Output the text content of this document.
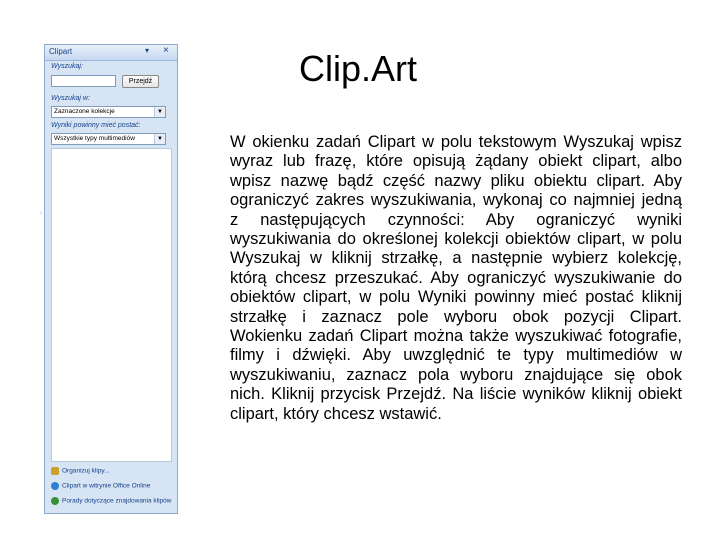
Clipart	▾ ×
Wyszukaj:
Przejdź
Wyszukaj w:
Zaznaczone kolekcje	▼
Wyniki powinny mieć postać:
Wszystkie typy multimediów	▼
Organizuj klipy...
Clipart w witrynie Office Online
Porady dotyczące znajdowania klipów
›
Clip.Art

W okienku zadań Clipart w polu tekstowym Wyszukaj wpisz wyraz lub frazę, które opisują żądany obiekt clipart, albo wpisz nazwę bądź część nazwy pliku obiektu clipart. Aby ograniczyć zakres wyszukiwania, wykonaj co najmniej jedną z następujących czynności: Aby ograniczyć wyniki wyszukiwania do określonej kolekcji obiektów clipart, w polu Wyszukaj w kliknij strzałkę, a następnie wybierz kolekcję, którą chcesz przeszukać. Aby ograniczyć wyszukiwanie do obiektów clipart, w polu Wyniki powinny mieć postać kliknij strzałkę i zaznacz pole wyboru obok pozycji Clipart. Wokienku zadań Clipart można także wyszukiwać fotografie, filmy i dźwięki. Aby uwzględnić te typy multimediów w wyszukiwaniu, zaznacz pola wyboru znajdujące się obok nich. Kliknij przycisk Przejdź. Na liście wyników kliknij obiekt clipart, który chcesz wstawić.
